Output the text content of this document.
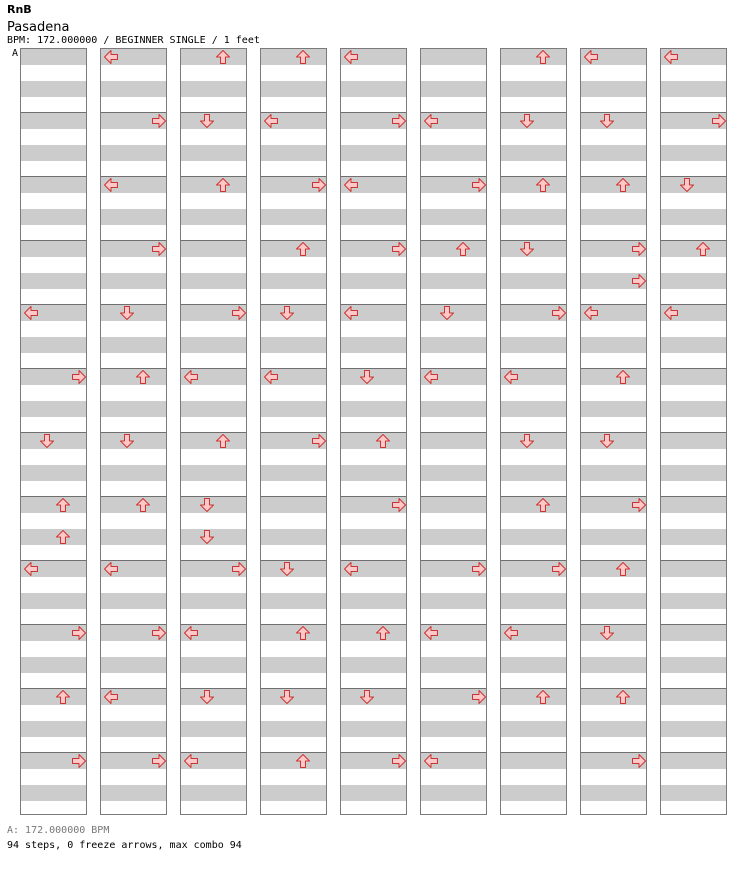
RnB
Pasadena
BPM: 172.000000 / BEGINNER SINGLE / 1 feet
A
A: 172.000000 BPM
94 steps, 0 freeze arrows, max combo 94
